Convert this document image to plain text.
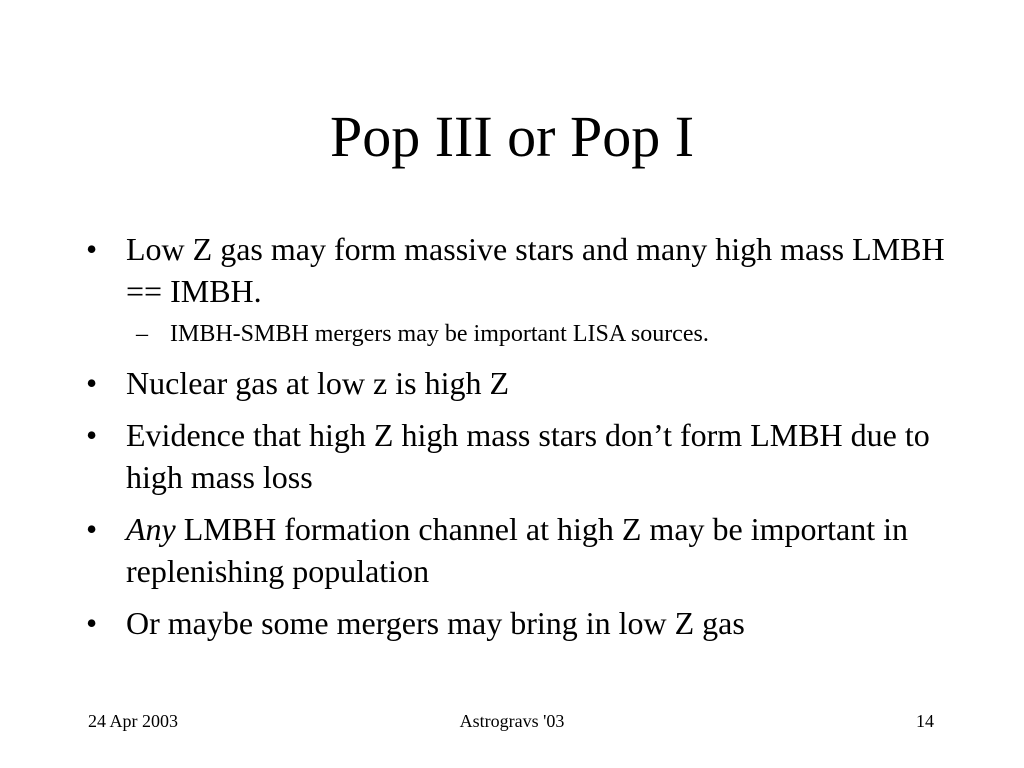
Pop III or Pop I
• Low Z gas may form massive stars and many high mass LMBH == IMBH.
– IMBH-SMBH mergers may be important LISA sources.
• Nuclear gas at low z is high Z
• Evidence that high Z high mass stars don’t form LMBH due to high mass loss
• Any LMBH formation channel at high Z may be important in replenishing population
• Or maybe some mergers may bring in low Z gas
24 Apr 2003	Astrogravs '03	14
